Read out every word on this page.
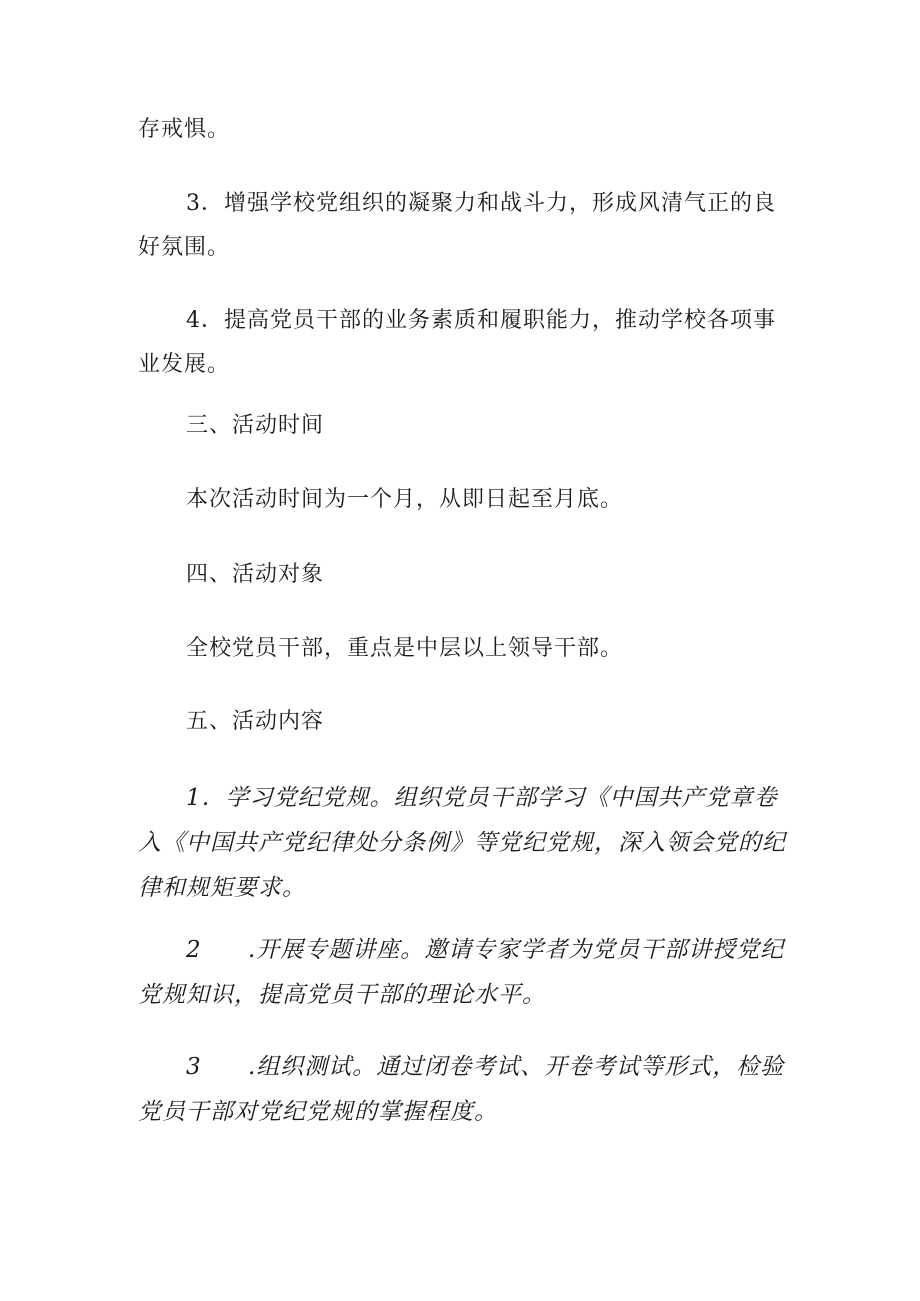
存戒惧。

3．增强学校党组织的凝聚力和战斗力，形成风清气正的良好氛围。

4．提高党员干部的业务素质和履职能力，推动学校各项事业发展。

三、活动时间

本次活动时间为一个月，从即日起至月底。

四、活动对象

全校党员干部，重点是中层以上领导干部。

五、活动内容

1．学习党纪党规。组织党员干部学习《中国共产党章卷入《中国共产党纪律处分条例》等党纪党规，深入领会党的纪律和规矩要求。

2 .开展专题讲座。邀请专家学者为党员干部讲授党纪党规知识，提高党员干部的理论水平。

3 .组织测试。通过闭卷考试、开卷考试等形式，检验党员干部对党纪党规的掌握程度。
